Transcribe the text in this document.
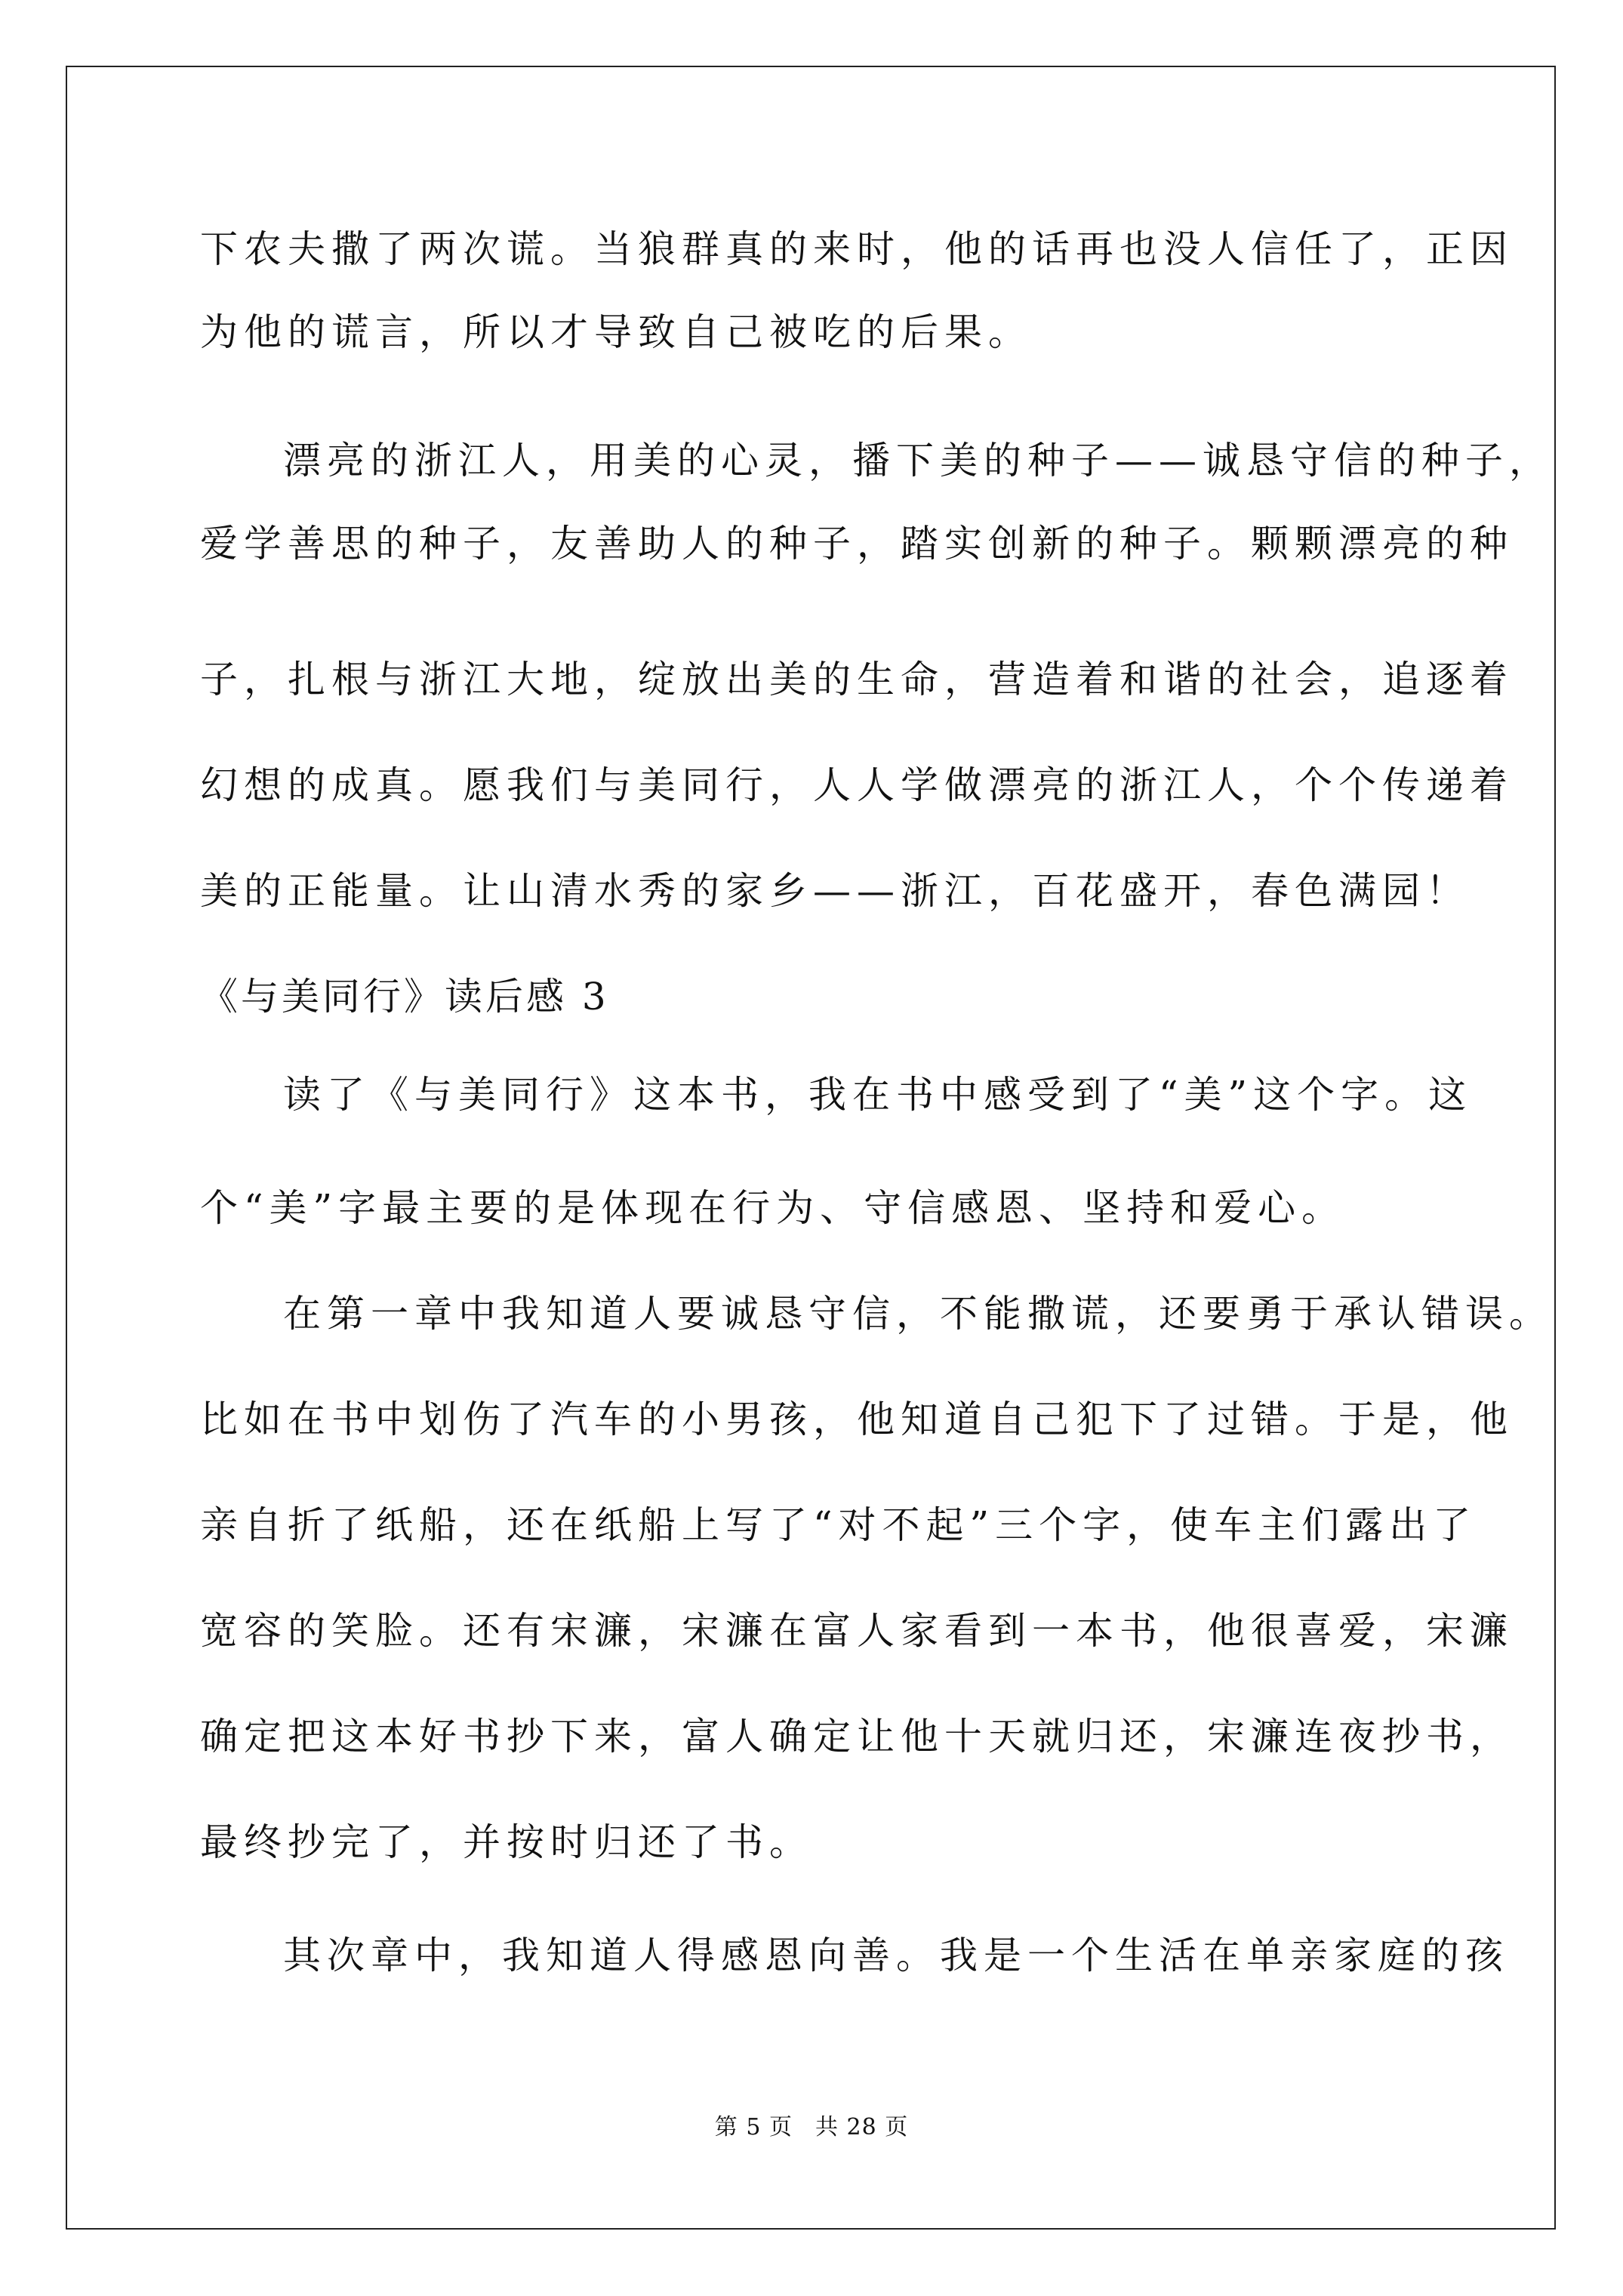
下农夫撒了两次谎。当狼群真的来时，他的话再也没人信任了，正因
为他的谎言，所以才导致自己被吃的后果。
漂亮的浙江人，用美的心灵，播下美的种子——诚恳守信的种子，
爱学善思的种子，友善助人的种子，踏实创新的种子。颗颗漂亮的种
子，扎根与浙江大地，绽放出美的生命，营造着和谐的社会，追逐着
幻想的成真。愿我们与美同行，人人学做漂亮的浙江人，个个传递着
美的正能量。让山清水秀的家乡——浙江，百花盛开，春色满园！
《与美同行》读后感 3
读了《与美同行》这本书，我在书中感受到了“美”这个字。这
个“美”字最主要的是体现在行为、守信感恩、坚持和爱心。
在第一章中我知道人要诚恳守信，不能撒谎，还要勇于承认错误。
比如在书中划伤了汽车的小男孩，他知道自己犯下了过错。于是，他
亲自折了纸船，还在纸船上写了“对不起”三个字，使车主们露出了
宽容的笑脸。还有宋濂，宋濂在富人家看到一本书，他很喜爱，宋濂
确定把这本好书抄下来，富人确定让他十天就归还，宋濂连夜抄书，
最终抄完了，并按时归还了书。
其次章中，我知道人得感恩向善。我是一个生活在单亲家庭的孩
第 5 页 共 28 页
